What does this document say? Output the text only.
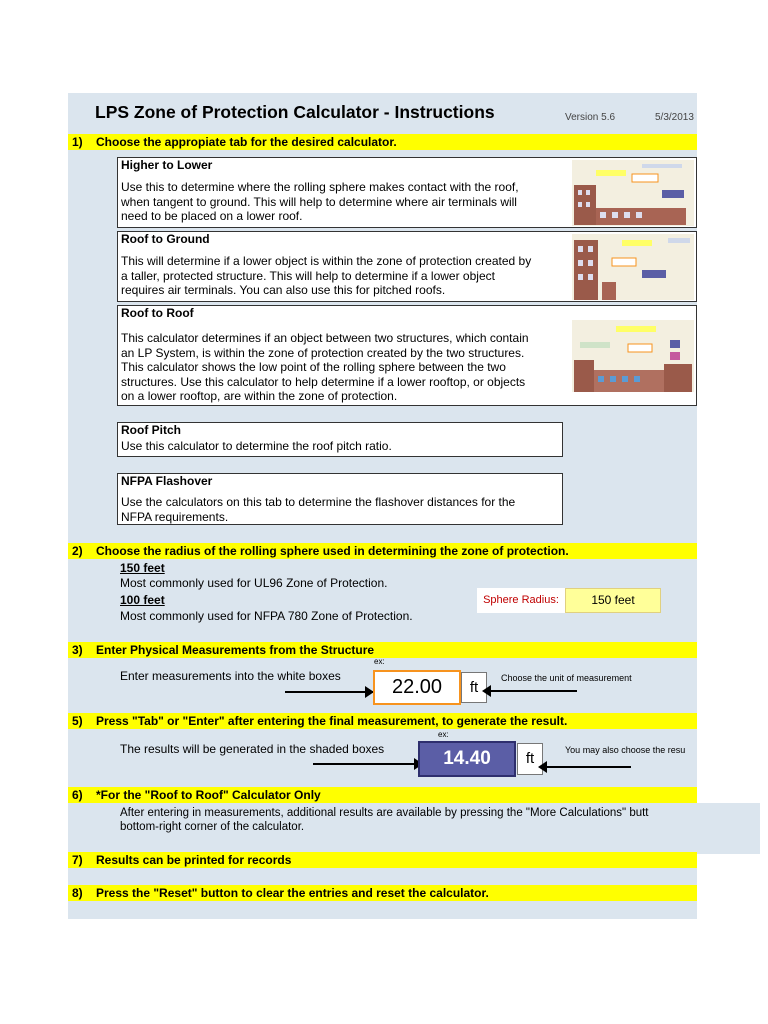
LPS Zone of Protection Calculator - Instructions	Version 5.6	5/3/2013
1) Choose the appropiate tab for the desired calculator.
Higher to Lower
Use this to determine where the rolling sphere makes contact with the roof,
when tangent to ground. This will help to determine where air terminals will
need to be placed on a lower roof.
Roof to Ground
This will determine if a lower object is within the zone of protection created by
a taller, protected structure. This will help to determine if a lower object
requires air terminals. You can also use this for pitched roofs.
Roof to Roof
This calculator determines if an object between two structures, which contain
an LP System, is within the zone of protection created by the two structures.
This calculator shows the low point of the rolling sphere between the two
structures. Use this calculator to help determine if a lower rooftop, or objects
on a lower rooftop, are within the zone of protection.
Roof Pitch
Use this calculator to determine the roof pitch ratio.
NFPA Flashover
Use the calculators on this tab to determine the flashover distances for the
NFPA requirements.
2) Choose the radius of the rolling sphere used in determining the zone of protection.
150 feet
Most commonly used for UL96 Zone of Protection.
100 feet
Most commonly used for NFPA 780 Zone of Protection.
Sphere Radius:	150 feet
3) Enter Physical Measurements from the Structure
ex:
Enter measurements into the white boxes	22.00	ft
Choose the unit of measurement
5) Press "Tab" or "Enter" after entering the final measurement, to generate the result.
ex:
The results will be generated in the shaded boxes	14.40	ft	You may also choose the resu
6) *For the "Roof to Roof" Calculator Only
After entering in measurements, additional results are available by pressing the "More Calculations" butt
bottom-right corner of the calculator.
7) Results can be printed for records
8) Press the "Reset" button to clear the entries and reset the calculator.
